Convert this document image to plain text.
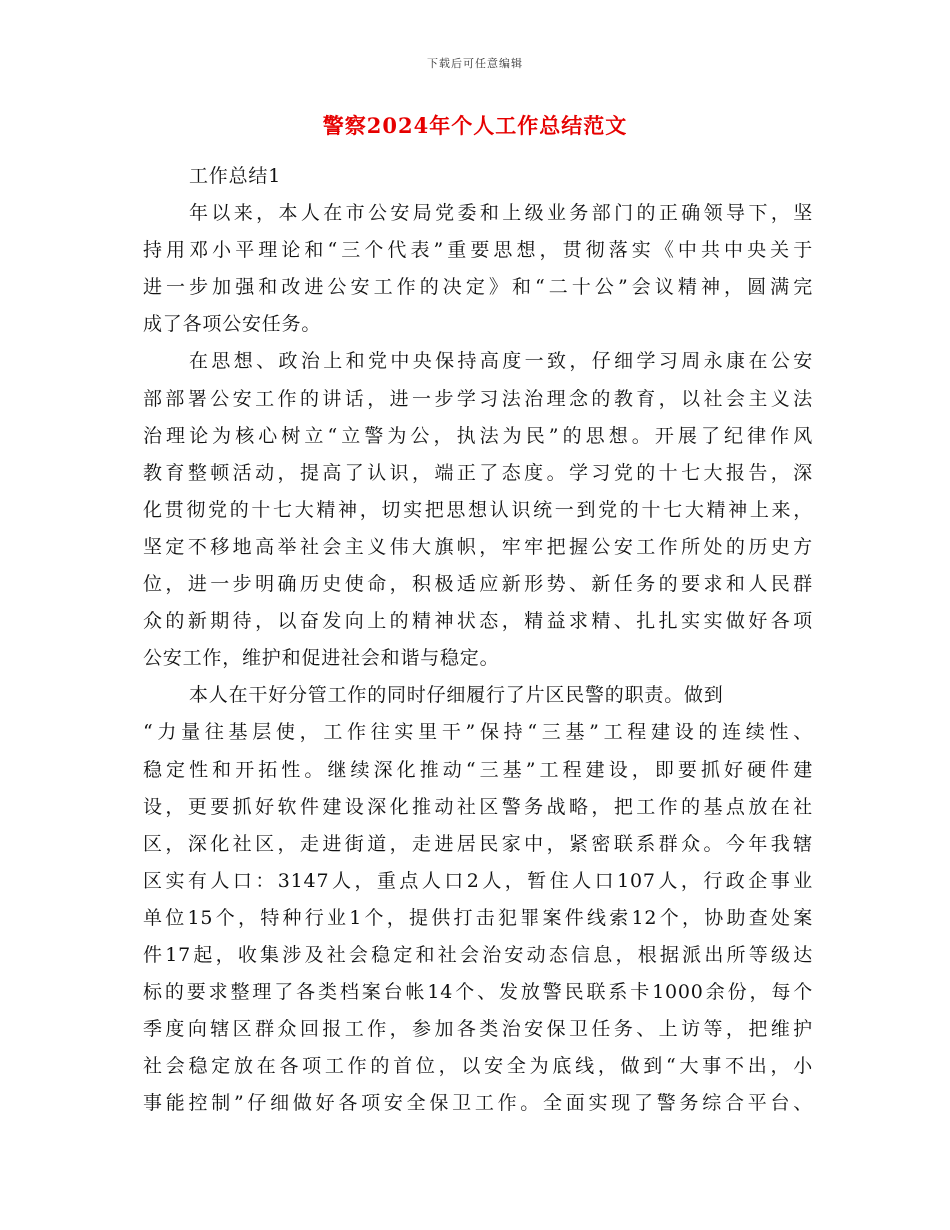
下载后可任意编辑
警察2024年个人工作总结范文
工作总结1
年以来，本人在市公安局党委和上级业务部门的正确领导下，坚
持用邓小平理论和“三个代表”重要思想，贯彻落实《中共中央关于
进一步加强和改进公安工作的决定》和“二十公”会议精神，圆满完
成了各项公安任务。
在思想、政治上和党中央保持高度一致，仔细学习周永康在公安
部部署公安工作的讲话，进一步学习法治理念的教育，以社会主义法
治理论为核心树立“立警为公，执法为民”的思想。开展了纪律作风
教育整顿活动，提高了认识，端正了态度。学习党的十七大报告，深
化贯彻党的十七大精神，切实把思想认识统一到党的十七大精神上来，
坚定不移地高举社会主义伟大旗帜，牢牢把握公安工作所处的历史方
位，进一步明确历史使命，积极适应新形势、新任务的要求和人民群
众的新期待，以奋发向上的精神状态，精益求精、扎扎实实做好各项
公安工作，维护和促进社会和谐与稳定。
本人在干好分管工作的同时仔细履行了片区民警的职责。做到
“力量往基层使，工作往实里干”保持“三基”工程建设的连续性、
稳定性和开拓性。继续深化推动“三基”工程建设，即要抓好硬件建
设，更要抓好软件建设深化推动社区警务战略，把工作的基点放在社
区，深化社区，走进街道，走进居民家中，紧密联系群众。今年我辖
区实有人口：3147人，重点人口2人，暂住人口107人，行政企事业
单位15个，特种行业1个，提供打击犯罪案件线索12个，协助查处案
件17起，收集涉及社会稳定和社会治安动态信息，根据派出所等级达
标的要求整理了各类档案台帐14个、发放警民联系卡1000余份，每个
季度向辖区群众回报工作，参加各类治安保卫任务、上访等，把维护
社会稳定放在各项工作的首位，以安全为底线，做到“大事不出，小
事能控制”仔细做好各项安全保卫工作。全面实现了警务综合平台、
